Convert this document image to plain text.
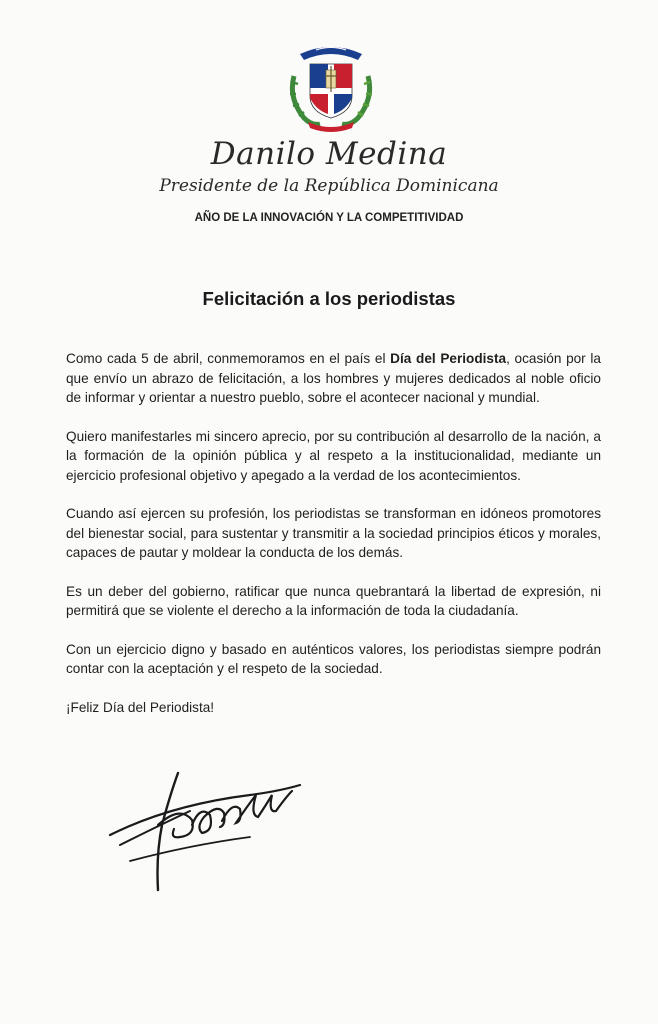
Danilo Medina
Presidente de la República Dominicana
AÑO DE LA INNOVACIÓN Y LA COMPETITIVIDAD
Felicitación a los periodistas

Como cada 5 de abril, conmemoramos en el país el Día del Periodista, ocasión por la que envío un abrazo de felicitación, a los hombres y mujeres dedicados al noble oficio de informar y orientar a nuestro pueblo, sobre el acontecer nacional y mundial.

Quiero manifestarles mi sincero aprecio, por su contribución al desarrollo de la nación, a la formación de la opinión pública y al respeto a la institucionalidad, mediante un ejercicio profesional objetivo y apegado a la verdad de los acontecimientos.

Cuando así ejercen su profesión, los periodistas se transforman en idóneos promotores del bienestar social, para sustentar y transmitir a la sociedad principios éticos y morales, capaces de pautar y moldear la conducta de los demás.

Es un deber del gobierno, ratificar que nunca quebrantará la libertad de expresión, ni permitirá que se violente el derecho a la información de toda la ciudadanía.

Con un ejercicio digno y basado en auténticos valores, los periodistas siempre podrán contar con la aceptación y el respeto de la sociedad.

¡Feliz Día del Periodista!
